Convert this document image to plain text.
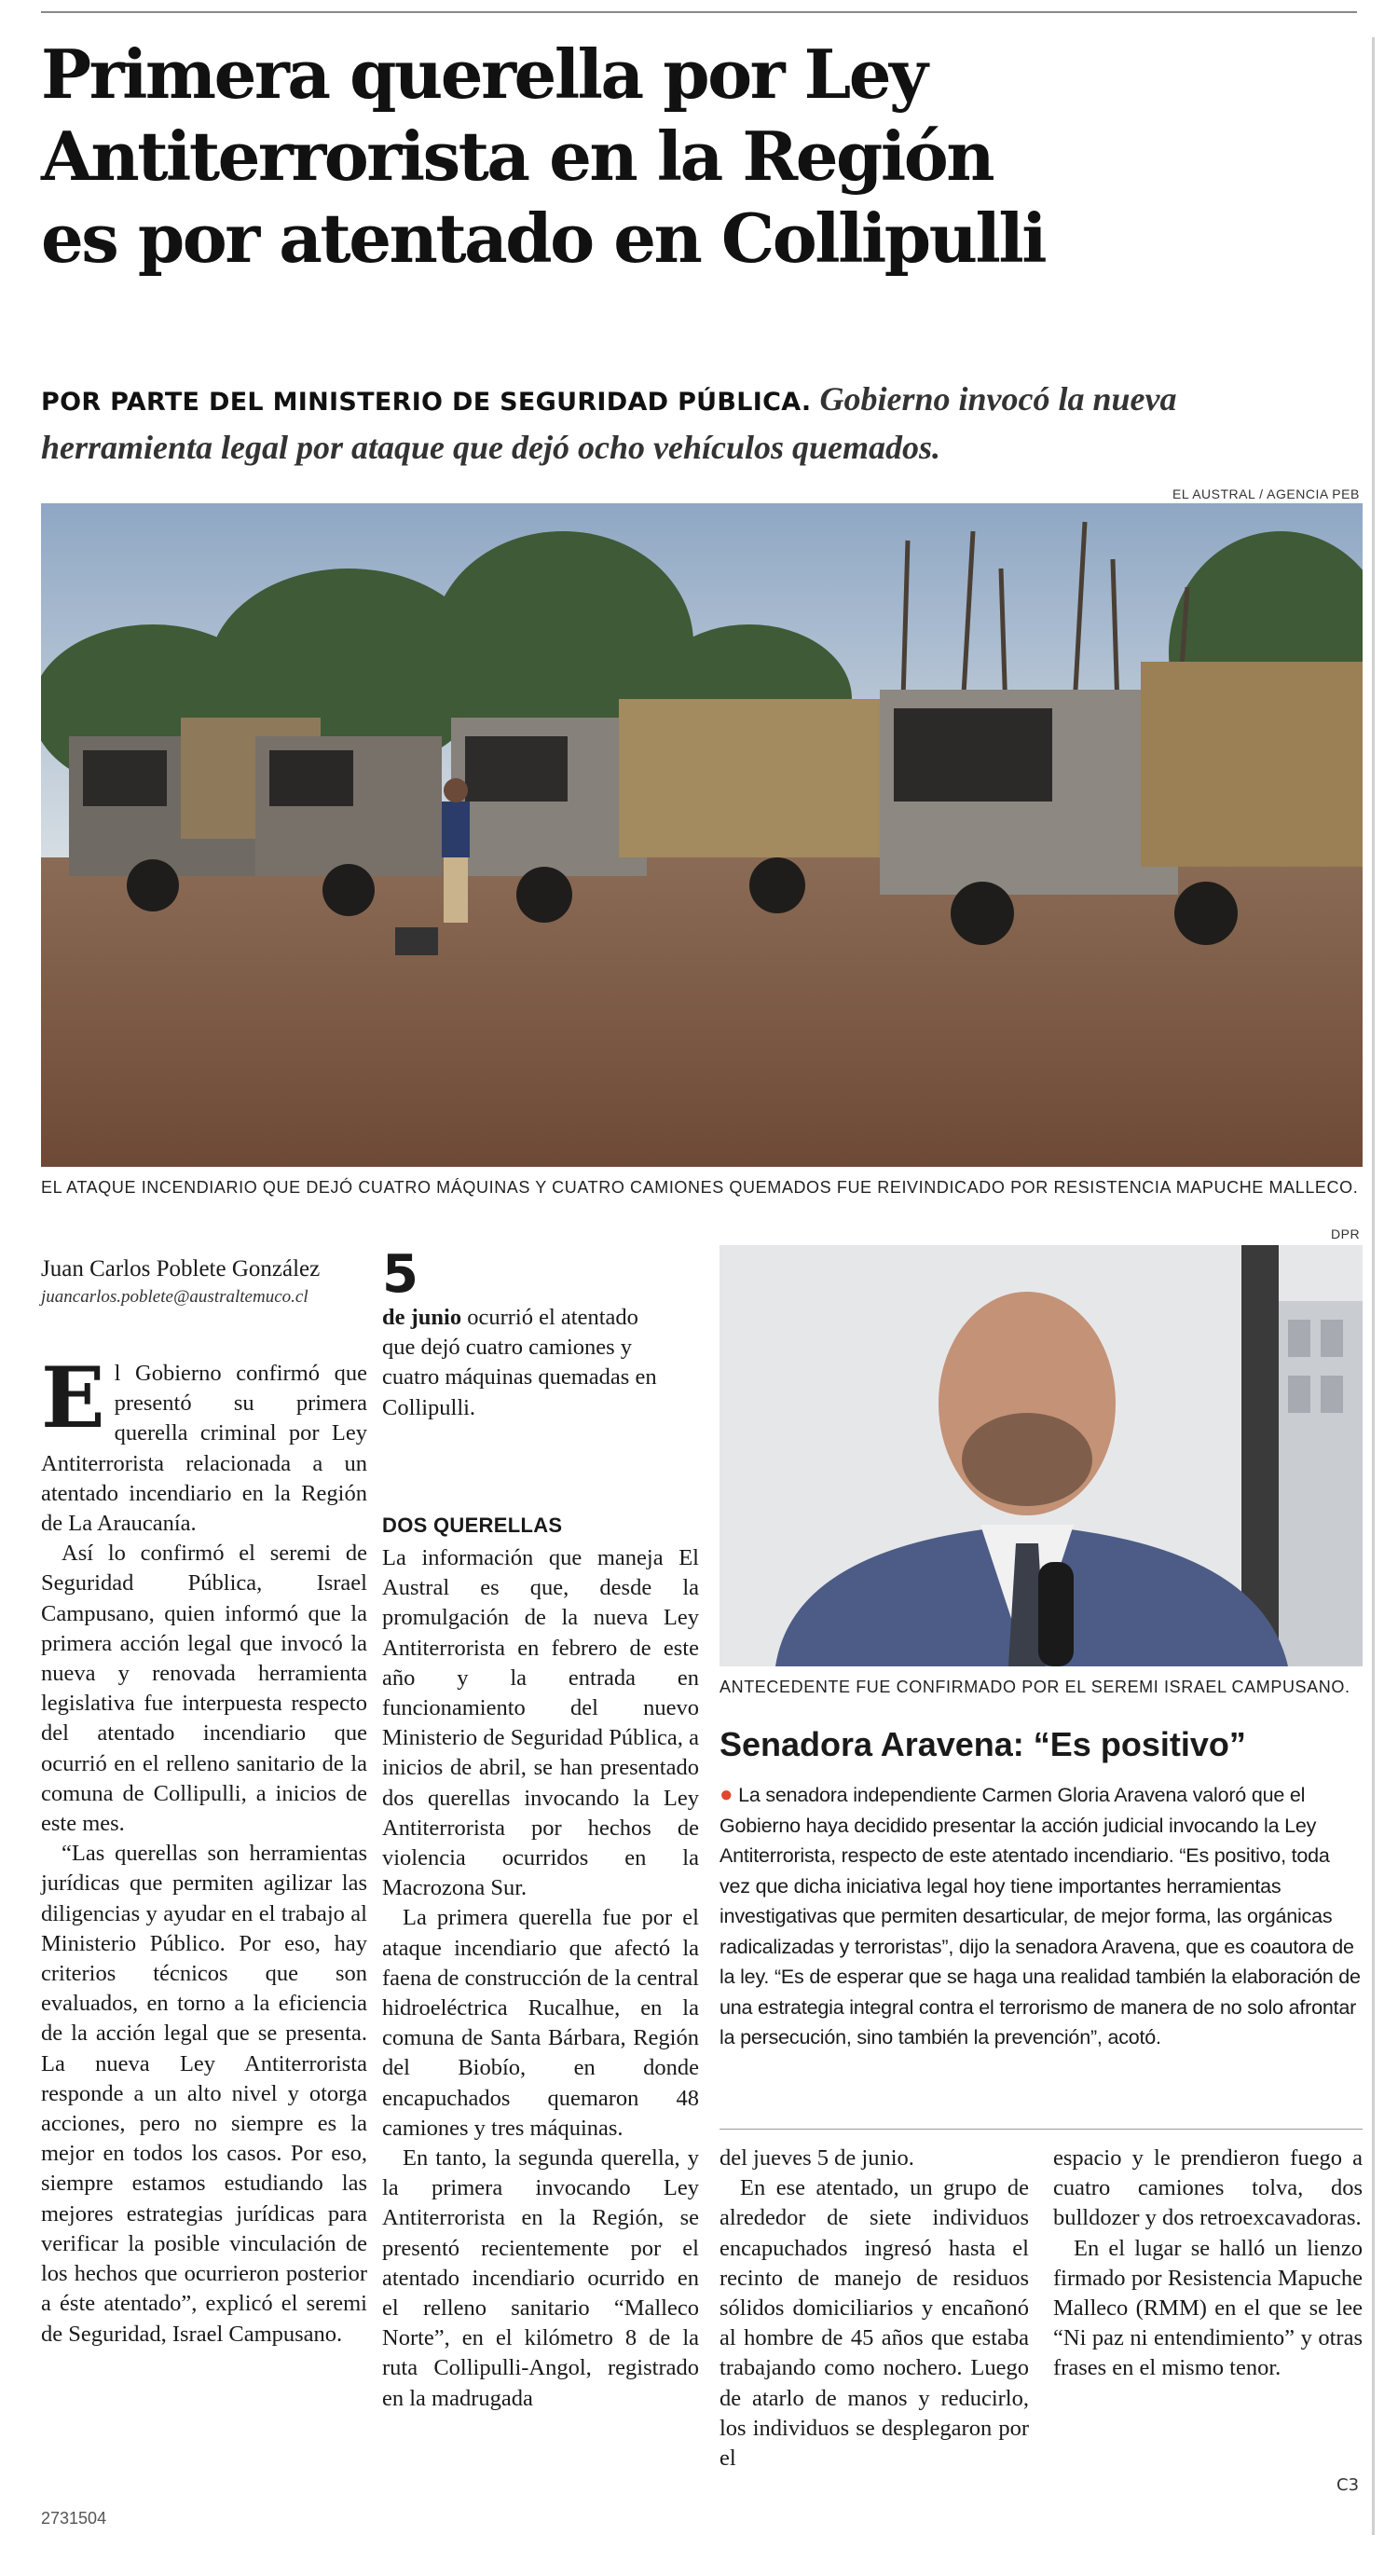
Primera querella por Ley
Antiterrorista en la Región
es por atentado en Collipulli

POR PARTE DEL MINISTERIO DE SEGURIDAD PÚBLICA. Gobierno invocó la nueva herramienta legal por ataque que dejó ocho vehículos quemados.

EL AUSTRAL / AGENCIA PEB
EL ATAQUE INCENDIARIO QUE DEJÓ CUATRO MÁQUINAS Y CUATRO CAMIONES QUEMADOS FUE REIVINDICADO POR RESISTENCIA MAPUCHE MALLECO.
Juan Carlos Poblete González
juancarlos.poblete@australtemuco.cl

El Gobierno confirmó que presentó su primera querella criminal por Ley Antiterrorista relacionada a un atentado incendiario en la Región de La Araucanía.

Así lo confirmó el seremi de Seguridad Pública, Israel Campusano, quien informó que la primera acción legal que invocó la nueva y renovada herramienta legislativa fue interpuesta respecto del atentado incendiario que ocurrió en el relleno sanitario de la comuna de Collipulli, a inicios de este mes.

“Las querellas son herramientas jurídicas que permiten agilizar las diligencias y ayudar en el trabajo al Ministerio Público. Por eso, hay criterios técnicos que son evaluados, en torno a la eficiencia de la acción legal que se presenta. La nueva Ley Antiterrorista responde a un alto nivel y otorga acciones, pero no siempre es la mejor en todos los casos. Por eso, siempre estamos estudiando las mejores estrategias jurídicas para verificar la posible vinculación de los hechos que ocurrieron posterior a éste atentado”, explicó el seremi de Seguridad, Israel Campusano.

5
de junio ocurrió el atentado que dejó cuatro camiones y cuatro máquinas quemadas en Collipulli.
DOS QUERELLAS

La información que maneja El Austral es que, desde la promulgación de la nueva Ley Antiterrorista en febrero de este año y la entrada en funcionamiento del nuevo Ministerio de Seguridad Pública, a inicios de abril, se han presentado dos querellas invocando la Ley Antiterrorista por hechos de violencia ocurridos en la Macrozona Sur.

La primera querella fue por el ataque incendiario que afectó la faena de construcción de la central hidroeléctrica Rucalhue, en la comuna de Santa Bárbara, Región del Biobío, en donde encapuchados quemaron 48 camiones y tres máquinas.

En tanto, la segunda querella, y la primera invocando Ley Antiterrorista en la Región, se presentó recientemente por el atentado incendiario ocurrido en el relleno sanitario “Malleco Norte”, en el kilómetro 8 de la ruta Collipulli-Angol, registrado en la madrugada

DPR
ANTECEDENTE FUE CONFIRMADO POR EL SEREMI ISRAEL CAMPUSANO.
Senadora Aravena: “Es positivo”

● La senadora independiente Carmen Gloria Aravena valoró que el Gobierno haya decidido presentar la acción judicial invocando la Ley Antiterrorista, respecto de este atentado incendiario. “Es positivo, toda vez que dicha iniciativa legal hoy tiene importantes herramientas investigativas que permiten desarticular, de mejor forma, las orgánicas radicalizadas y terroristas”, dijo la senadora Aravena, que es coautora de la ley. “Es de esperar que se haga una realidad también la elaboración de una estrategia integral contra el terrorismo de manera de no solo afrontar la persecución, sino también la prevención”, acotó.

del jueves 5 de junio.

En ese atentado, un grupo de alrededor de siete individuos encapuchados ingresó hasta el recinto de manejo de residuos sólidos domiciliarios y encañonó al hombre de 45 años que estaba trabajando como nochero. Luego de atarlo de manos y reducirlo, los individuos se desplegaron por el

espacio y le prendieron fuego a cuatro camiones tolva, dos bulldozer y dos retroexcavadoras.

En el lugar se halló un lienzo firmado por Resistencia Mapuche Malleco (RMM) en el que se lee “Ni paz ni entendimiento” y otras frases en el mismo tenor.

C3
2731504
